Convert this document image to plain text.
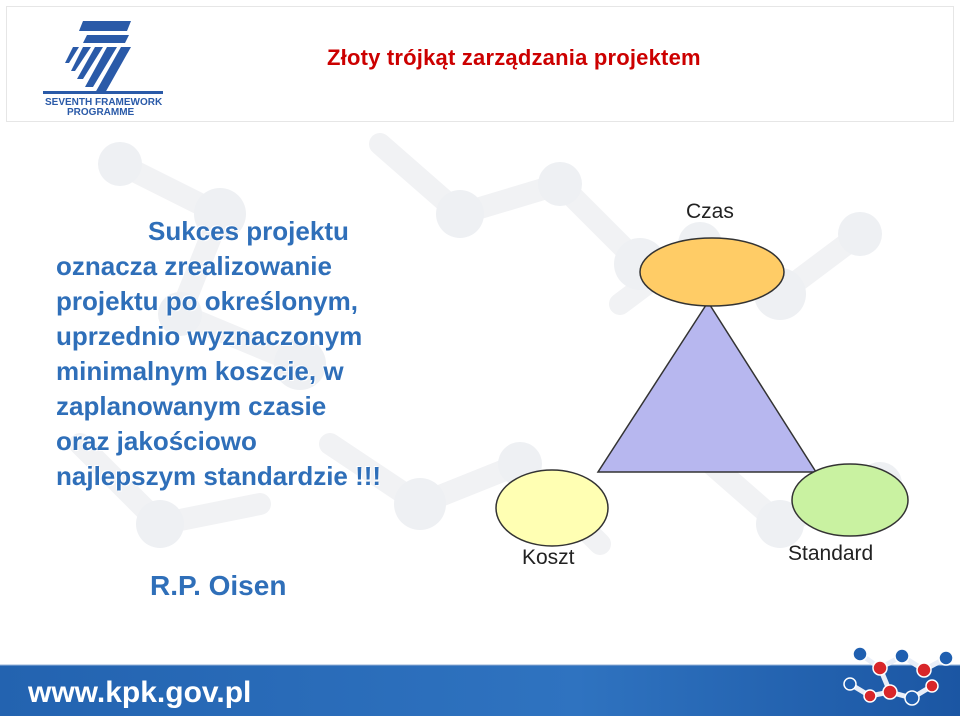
SEVENTH FRAMEWORK
PROGRAMME
Złoty trójkąt zarządzania projektem
Sukces projektu
oznacza zrealizowanie
projektu po określonym,
uprzednio wyznaczonym
minimalnym koszcie, w
zaplanowanym czasie
oraz jakościowo
najlepszym standardzie !!!
R.P. Oisen
Czas
Koszt	Standard
www.kpk.gov.pl
